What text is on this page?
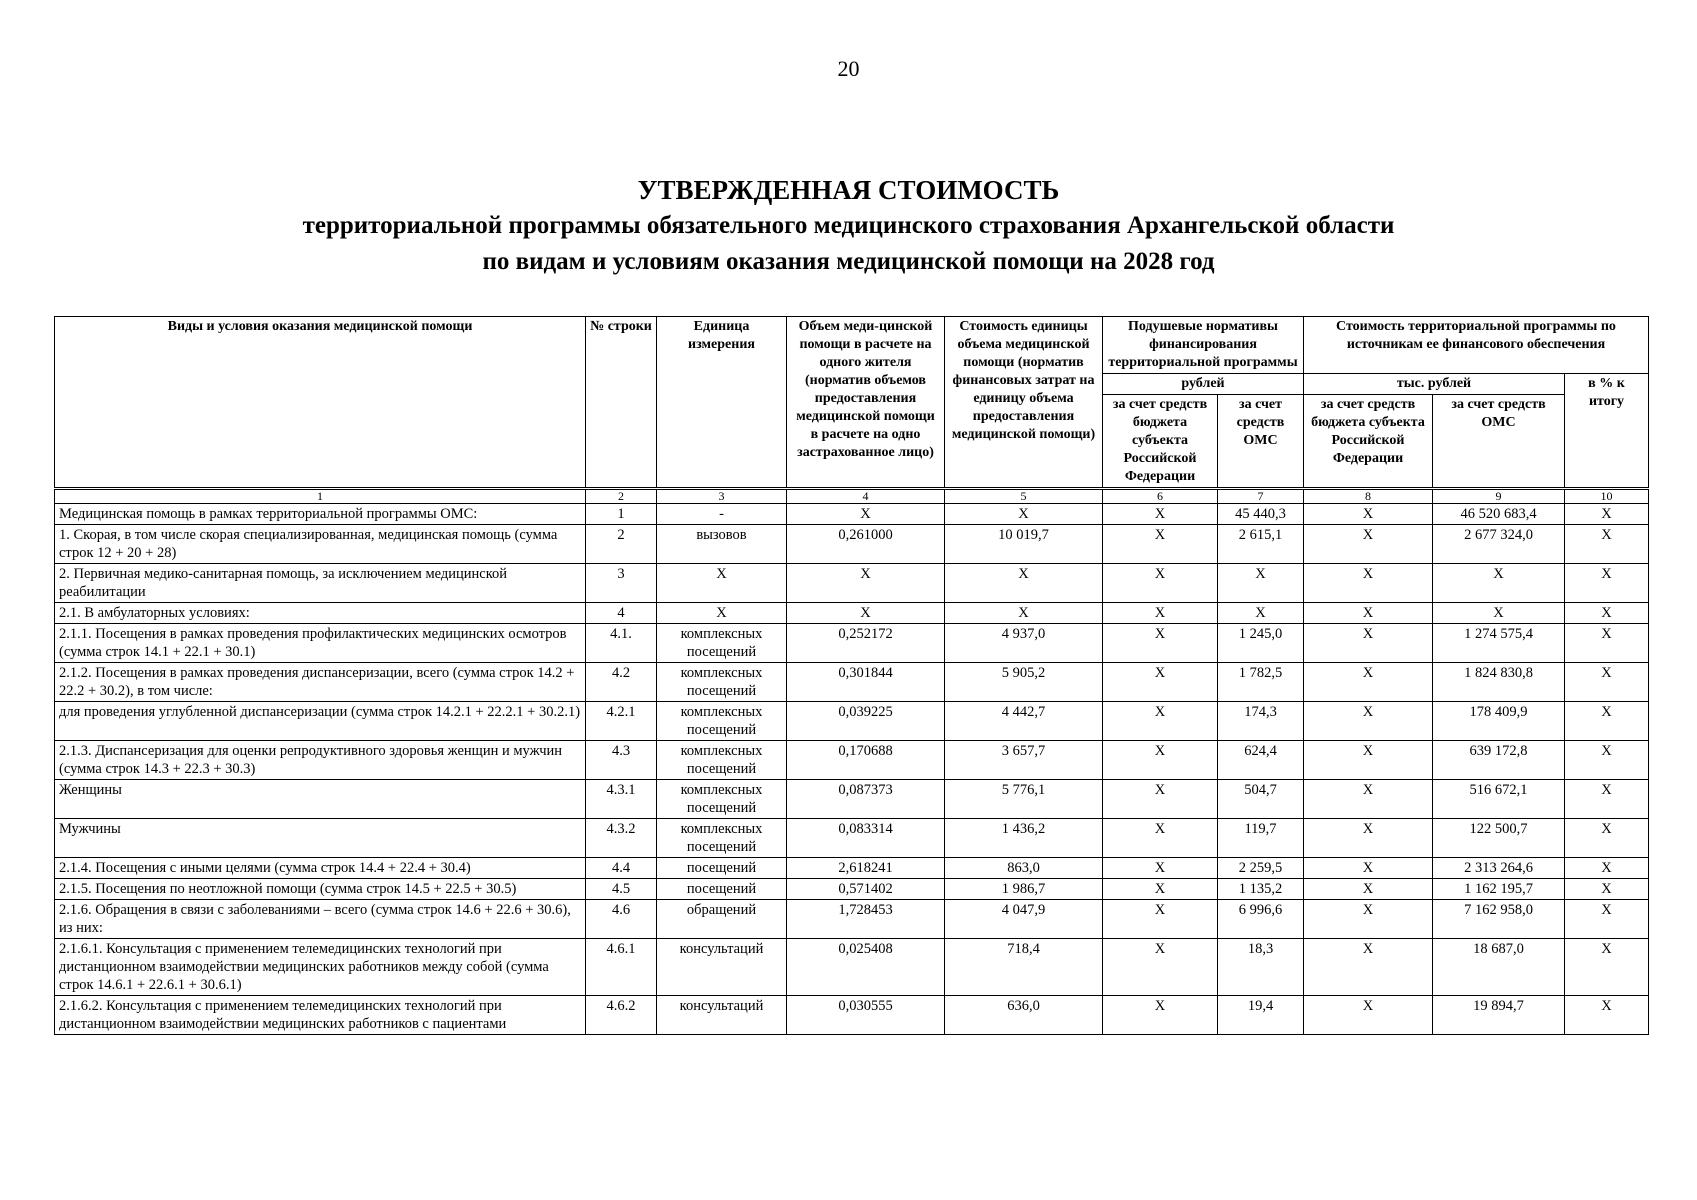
20
УТВЕРЖДЕННАЯ СТОИМОСТЬ
территориальной программы обязательного медицинского страхования Архангельской области
по видам и условиям оказания медицинской помощи на 2028 год
Виды и условия оказания медицинской помощи	№ строки	Единица измерения	Объем меди-цинской помощи в расчете на одного жителя (норматив объемов предоставления медицинской помощи в расчете на одно застрахованное лицо)	Стоимость единицы объема медицинской помощи (норматив финансовых затрат на единицу объема предоставления медицинской помощи)	Подушевые нормативы финансирования территориальной программы		Стоимость территориальной программы по источникам ее финансового обеспечения		
					рублей		тыс. рублей		в % к итогу
					за счет средств бюджета субъекта Российской Федерации	за счет средств ОМС	за счет средств бюджета субъекта Российской Федерации	за счет средств ОМС	
1	2	3	4	5	6	7	8	9	10
Медицинская помощь в рамках территориальной программы ОМС:	1	-	Х	Х	Х	45 440,3	Х	46 520 683,4	Х
1. Скорая, в том числе скорая специализированная, медицинская помощь (сумма строк 12 + 20 + 28)	2	вызовов	0,261000	10 019,7	Х	2 615,1	Х	2 677 324,0	Х
2. Первичная медико-санитарная помощь, за исключением медицинской реабилитации	3	Х	Х	Х	Х	Х	Х	Х	Х
2.1. В амбулаторных условиях:	4	Х	Х	Х	Х	Х	Х	Х	Х
2.1.1. Посещения в рамках проведения профилактических медицинских осмотров (сумма строк 14.1 + 22.1 + 30.1)	4.1.	комплексных посещений	0,252172	4 937,0	Х	1 245,0	Х	1 274 575,4	Х
2.1.2. Посещения в рамках проведения диспансеризации, всего (сумма строк 14.2 + 22.2 + 30.2), в том числе:	4.2	комплексных посещений	0,301844	5 905,2	Х	1 782,5	Х	1 824 830,8	Х
для проведения углубленной диспансеризации (сумма строк 14.2.1 + 22.2.1 + 30.2.1)	4.2.1	комплексных посещений	0,039225	4 442,7	Х	174,3	Х	178 409,9	Х
2.1.3. Диспансеризация для оценки репродуктивного здоровья женщин и мужчин (сумма строк 14.3 + 22.3 + 30.3)	4.3	комплексных посещений	0,170688	3 657,7	Х	624,4	Х	639 172,8	Х
Женщины	4.3.1	комплексных посещений	0,087373	5 776,1	Х	504,7	Х	516 672,1	Х
Мужчины	4.3.2	комплексных посещений	0,083314	1 436,2	Х	119,7	Х	122 500,7	Х
2.1.4. Посещения с иными целями (сумма строк 14.4 + 22.4 + 30.4)	4.4	посещений	2,618241	863,0	Х	2 259,5	Х	2 313 264,6	Х
2.1.5. Посещения по неотложной помощи (сумма строк 14.5 + 22.5 + 30.5)	4.5	посещений	0,571402	1 986,7	Х	1 135,2	Х	1 162 195,7	Х
2.1.6. Обращения в связи с заболеваниями – всего (сумма строк 14.6 + 22.6 + 30.6), из них:	4.6	обращений	1,728453	4 047,9	Х	6 996,6	Х	7 162 958,0	Х
2.1.6.1. Консультация с применением телемедицинских технологий при дистанционном взаимодействии медицинских работников между собой (сумма строк 14.6.1 + 22.6.1 + 30.6.1)	4.6.1	консультаций	0,025408	718,4	Х	18,3	Х	18 687,0	Х
2.1.6.2. Консультация с применением телемедицинских технологий при дистанционном взаимодействии медицинских работников с пациентами	4.6.2	консультаций	0,030555	636,0	Х	19,4	Х	19 894,7	Х
